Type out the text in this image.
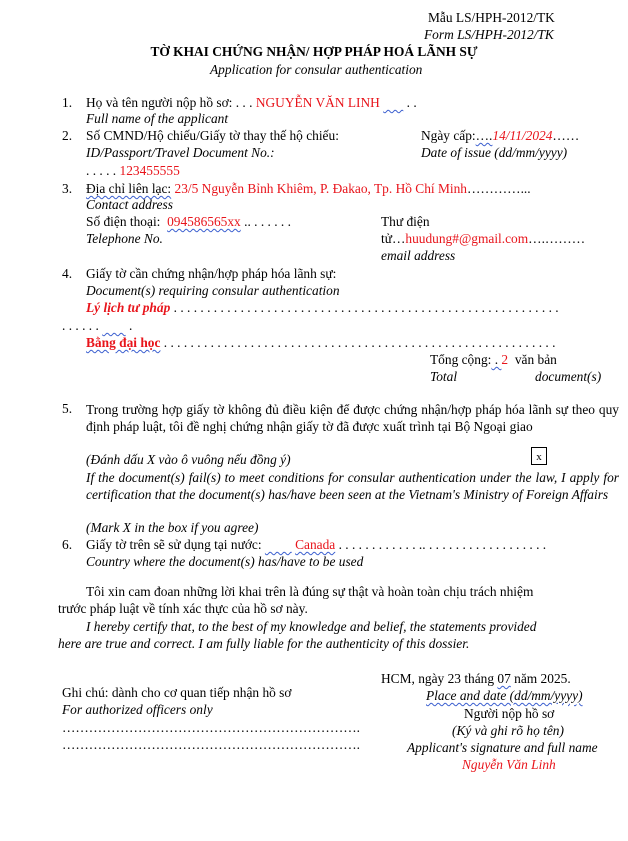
Mẫu LS/HPH-2012/TK
Form LS/HPH-2012/TK
TỜ KHAI CHỨNG NHẬN/ HỢP PHÁP HOÁ LÃNH SỰ
Application for consular authentication
1. Họ và tên người nộp hồ sơ: . . . NGUYỄN VĂN LINH        . .
Full name of the applicant
2. Số CMND/Hộ chiếu/Giấy tờ thay thế hộ chiếu:
ID/Passport/Travel Document No.:
. . . . . 123455555
Ngày cấp:….14/11/2024……
Date of issue (dd/mm/yyyy)
3. Địa chỉ liên lạc: 23/5 Nguyễn Bỉnh Khiêm, P. Đakao, Tp. Hồ Chí Minh…………...
Contact address
Số điện thoại: 094586565xx .. . . . . . .
Telephone No.
Thư điện
tử…huudung#@gmail.com….………
email address
4. Giấy tờ cần chứng nhận/hợp pháp hóa lãnh sự:
Document(s) requiring consular authentication
Lý lịch tư pháp . . . . . . . . . . . . . . . . . . . . . . . . . . . . . . . . . . . . . . . . . . . . . . . . . . . . . . . . . .
. . . . . .         .
Bằng đại học . . . . . . . . . . . . . . . . . . . . . . . . . . . . . . . . . . . . . . . . . . . . . . . . . . . . . . . . . . .
Tổng cộng: . 2 văn bản
Total	document(s)
5. Trong trường hợp giấy tờ không đủ điều kiện để được chứng nhận/hợp pháp hóa lãnh sự theo quy định pháp luật, tôi đề nghị chứng nhận giấy tờ đã được xuất trình tại Bộ Ngoại giao
(Đánh dấu X vào ô vuông nếu đồng ý)	x
If the document(s) fail(s) to meet conditions for consular authentication under the law, I apply for certification that the document(s) has/have been seen at the Vietnam's Ministry of Foreign Affairs
(Mark X in the box if you agree)
6. Giấy tờ trên sẽ sử dụng tại nước:	Canada . . . . . . . . . . . . .. . . . . . . . . . . . . . . . . . .
Country where the document(s) has/have to be used
Tôi xin cam đoan những lời khai trên là đúng sự thật và hoàn toàn chịu trách nhiệm
trước pháp luật về tính xác thực của hồ sơ này.
I hereby certify that, to the best of my knowledge and belief, the statements provided
here are true and correct. I am fully liable for the authenticity of this dossier.
HCM, ngày 23 tháng 07 năm 2025.
Place and date (dd/mm/yyyy)
Người nộp hồ sơ
(Ký và ghi rõ họ tên)
Applicant's signature and full name
Nguyễn Văn Linh
Ghi chú: dành cho cơ quan tiếp nhận hồ sơ
For authorized officers only
………………………………………………………….
………………………………………………………….
